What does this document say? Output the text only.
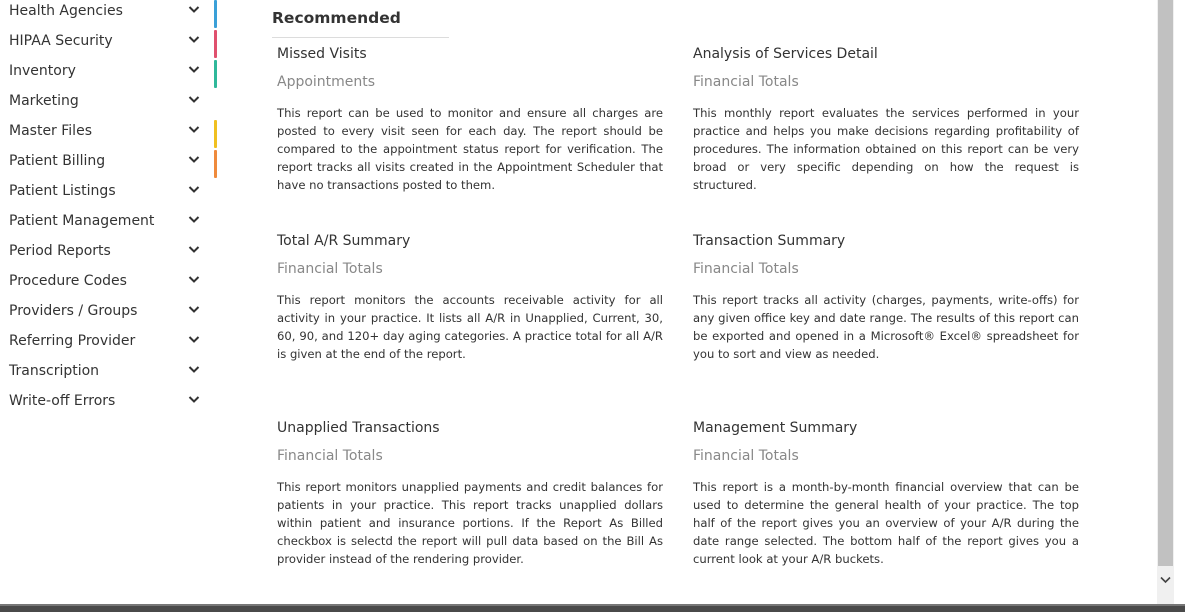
Health Agencies
HIPAA Security
Inventory
Marketing
Master Files
Patient Billing
Patient Listings
Patient Management
Period Reports
Procedure Codes
Providers / Groups
Referring Provider
Transcription
Write-off Errors
Recommended
Missed Visits
Appointments
This report can be used to monitor and ensure all charges are posted to every visit seen for each day. The report should be compared to the appointment status report for verification. The report tracks all visits created in the Appointment Scheduler that have no transactions posted to them.
Analysis of Services Detail
Financial Totals
This monthly report evaluates the services performed in your practice and helps you make decisions regarding profitability of procedures. The information obtained on this report can be very broad or very specific depending on how the request is structured.
Total A/R Summary
Financial Totals
This report monitors the accounts receivable activity for all activity in your practice. It lists all A/R in Unapplied, Current, 30, 60, 90, and 120+ day aging categories. A practice total for all A/R is given at the end of the report.
Transaction Summary
Financial Totals
This report tracks all activity (charges, payments, write-offs) for any given office key and date range. The results of this report can be exported and opened in a Microsoft® Excel® spreadsheet for you to sort and view as needed.
Unapplied Transactions
Financial Totals
This report monitors unapplied payments and credit balances for patients in your practice. This report tracks unapplied dollars within patient and insurance portions. If the Report As Billed checkbox is selectd the report will pull data based on the Bill As provider instead of the rendering provider.
Management Summary
Financial Totals
This report is a month-by-month financial overview that can be used to determine the general health of your practice. The top half of the report gives you an overview of your A/R during the date range selected. The bottom half of the report gives you a current look at your A/R buckets.
